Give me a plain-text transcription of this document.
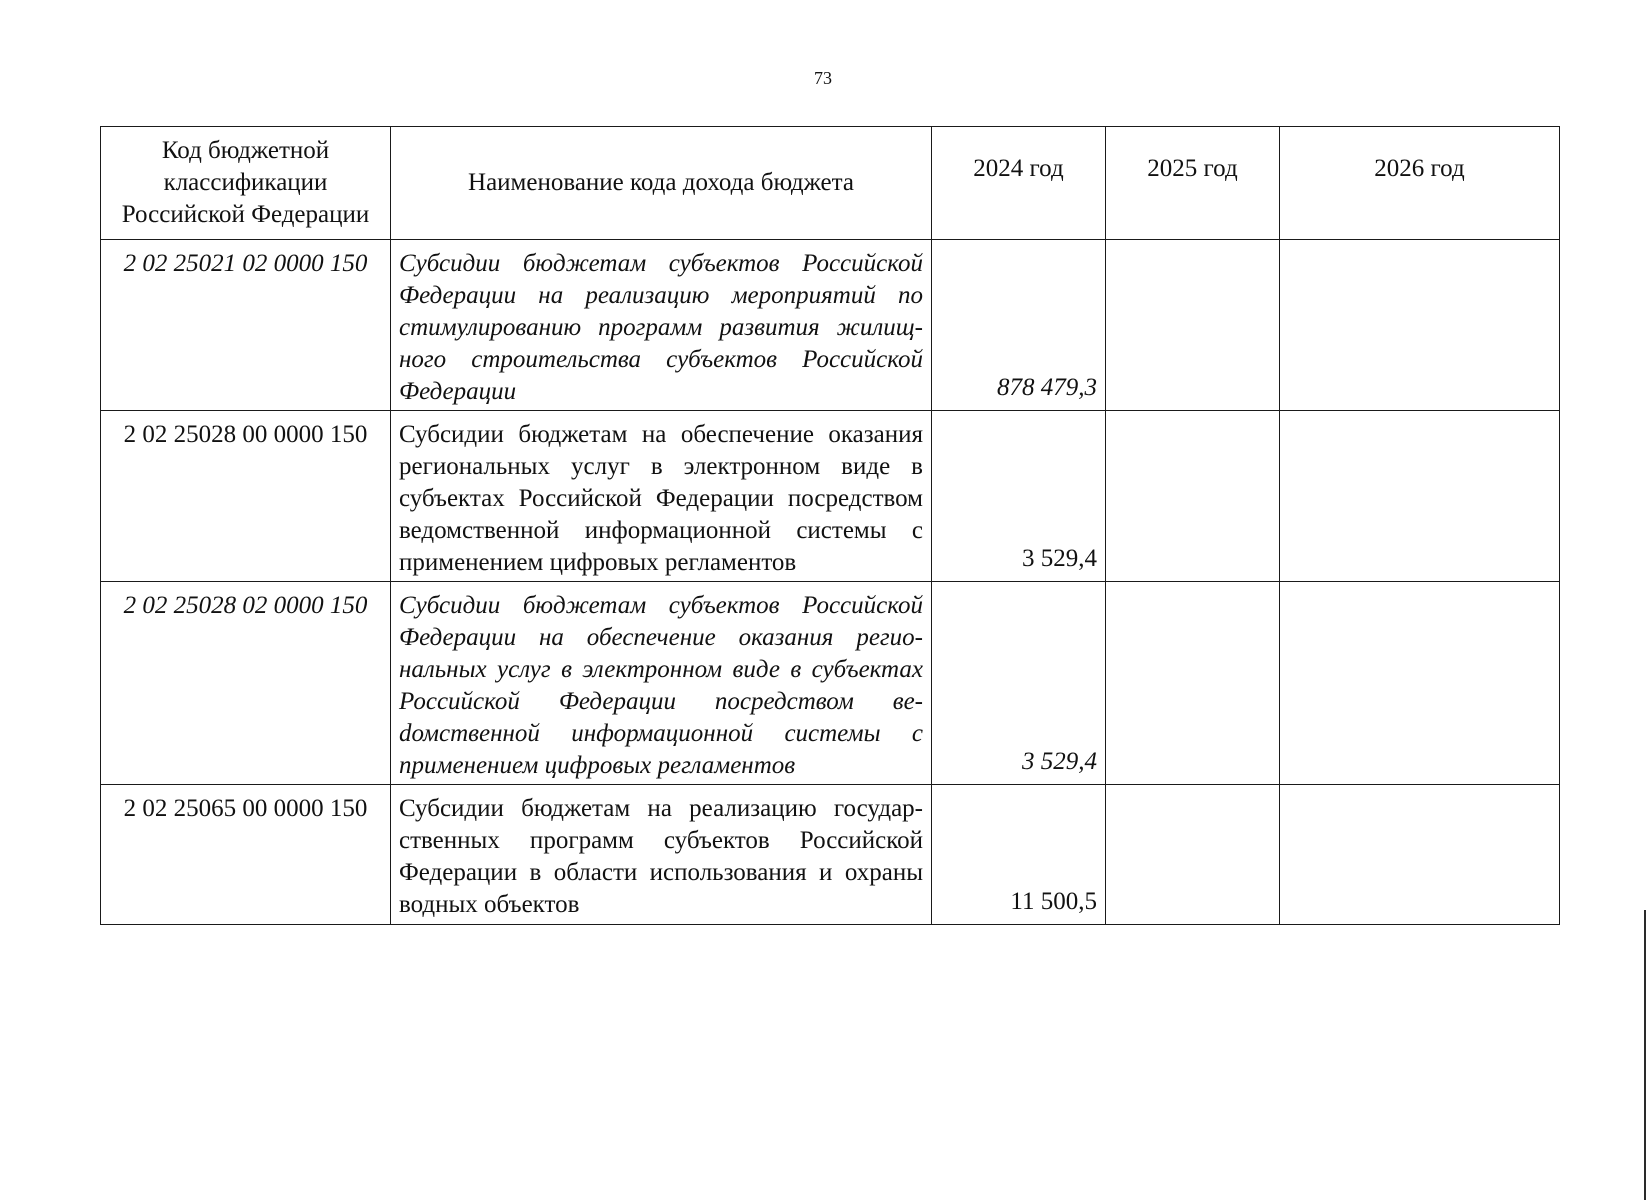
73
Код бюджетной классификации Российской Федерации	Наименование кода дохода бюджета	2024 год	2025 год	2026 год
2 02 25021 02 0000 150	Субсидии бюджетам субъектов Российской Федерации на реализацию мероприятий по стимулированию программ развития жилищного строительства субъектов Российской Федерации	878 479,3		
2 02 25028 00 0000 150	Субсидии бюджетам на обеспечение оказания региональных услуг в электронном виде в субъектах Российской Федерации посредством ведомственной информационной системы с применением цифровых регламентов	3 529,4		
2 02 25028 02 0000 150	Субсидии бюджетам субъектов Российской Федерации на обеспечение оказания региональных услуг в электронном виде в субъектах Российской Федерации посредством веdомственной информационной системы с применением цифровых регламентов	3 529,4		
2 02 25065 00 0000 150	Субсидии бюджетам на реализацию государственных программ субъектов Российской Федерации в области использования и охраны водных объектов	11 500,5		
